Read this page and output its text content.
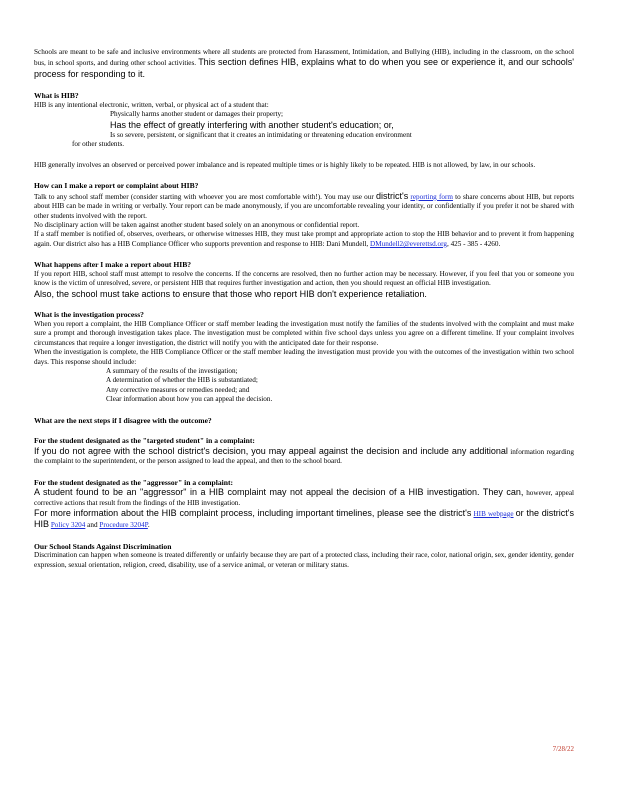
Schools are meant to be safe and inclusive environments where all students are protected from Harassment, Intimidation, and Bullying (HIB), including in the classroom, on the school bus, in school sports, and during other school activities. This section defines HIB, explains what to do when you see or experience it, and our schools' process for responding to it.

What is HIB?

HIB is any intentional electronic, written, verbal, or physical act of a student that:

Physically harms another student or damages their property;
Has the effect of greatly interfering with another student's education; or,
Is so severe, persistent, or significant that it creates an intimidating or threatening education environment

for other students.

HIB generally involves an observed or perceived power imbalance and is repeated multiple times or is highly likely to be repeated. HIB is not allowed, by law, in our schools.

How can I make a report or complaint about HIB?

Talk to any school staff member (consider starting with whoever you are most comfortable with!). You may use our district's reporting form to share concerns about HIB, but reports about HIB can be made in writing or verbally. Your report can be made anonymously, if you are uncomfortable revealing your identity, or confidentially if you prefer it not be shared with other students involved with the report.

No disciplinary action will be taken against another student based solely on an anonymous or confidential report.

If a staff member is notified of, observes, overhears, or otherwise witnesses HIB, they must take prompt and appropriate action to stop the HIB behavior and to prevent it from happening again. Our district also has a HIB Compliance Officer who supports prevention and response to HIB: Dani Mundell, DMundell2@everettsd.org, 425 - 385 - 4260.

What happens after I make a report about HIB?

If you report HIB, school staff must attempt to resolve the concerns. If the concerns are resolved, then no further action may be necessary. However, if you feel that you or someone you know is the victim of unresolved, severe, or persistent HIB that requires further investigation and action, then you should request an official HIB investigation.

Also, the school must take actions to ensure that those who report HIB don't experience retaliation.

What is the investigation process?

When you report a complaint, the HIB Compliance Officer or staff member leading the investigation must notify the families of the students involved with the complaint and must make sure a prompt and thorough investigation takes place. The investigation must be completed within five school days unless you agree on a different timeline. If your complaint involves circumstances that require a longer investigation, the district will notify you with the anticipated date for their response.

When the investigation is complete, the HIB Compliance Officer or the staff member leading the investigation must provide you with the outcomes of the investigation within two school days. This response should include:

A summary of the results of the investigation;
A determination of whether the HIB is substantiated;
Any corrective measures or remedies needed; and
Clear information about how you can appeal the decision.
What are the next steps if I disagree with the outcome?
For the student designated as the "targeted student" in a complaint:

If you do not agree with the school district's decision, you may appeal against the decision and include any additional information regarding the complaint to the superintendent, or the person assigned to lead the appeal, and then to the school board.

For the student designated as the "aggressor" in a complaint:

A student found to be an "aggressor" in a HIB complaint may not appeal the decision of a HIB investigation. They can, however, appeal corrective actions that result from the findings of the HIB investigation.

For more information about the HIB complaint process, including important timelines, please see the district's HIB webpage or the district's HIB Policy 3204 and Procedure 3204P.

Our School Stands Against Discrimination

Discrimination can happen when someone is treated differently or unfairly because they are part of a protected class, including their race, color, national origin, sex, gender identity, gender expression, sexual orientation, religion, creed, disability, use of a service animal, or veteran or military status.

7/28/22
